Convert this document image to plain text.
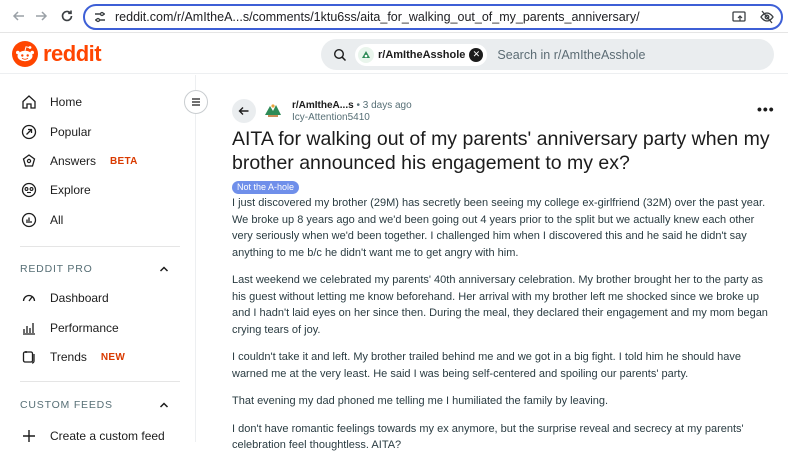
reddit.com/r/AmItheA...s/comments/1ktu6ss/aita_for_walking_out_of_my_parents_anniversary/
reddit	r/AmItheAsshole ✕ Search in r/AmItheAsshole
Home
Popular
Answers BETA
Explore
All
REDDIT PRO
Dashboard
Performance
Trends NEW
CUSTOM FEEDS
Create a custom feed
r/AmItheA...s • 3 days ago
Icy-Attention5410
•••
AITA for walking out of my parents' anniversary party when my brother announced his engagement to my ex?
Not the A-hole

I just discovered my brother (29M) has secretly been seeing my college ex-girlfriend (32M) over the past year. We broke up 8 years ago and we'd been going out 4 years prior to the split but we actually knew each other very seriously when we'd been together. I challenged him when I discovered this and he said he didn't say anything to me b/c he didn't want me to get angry with him.

Last weekend we celebrated my parents' 40th anniversary celebration. My brother brought her to the party as his guest without letting me know beforehand. Her arrival with my brother left me shocked since we broke up and I hadn't laid eyes on her since then. During the meal, they declared their engagement and my mom began crying tears of joy.

I couldn't take it and left. My brother trailed behind me and we got in a big fight. I told him he should have warned me at the very least. He said I was being self-centered and spoiling our parents' party.

That evening my dad phoned me telling me I humiliated the family by leaving.

I don't have romantic feelings towards my ex anymore, but the surprise reveal and secrecy at my parents' celebration feel thoughtless. AITA?
